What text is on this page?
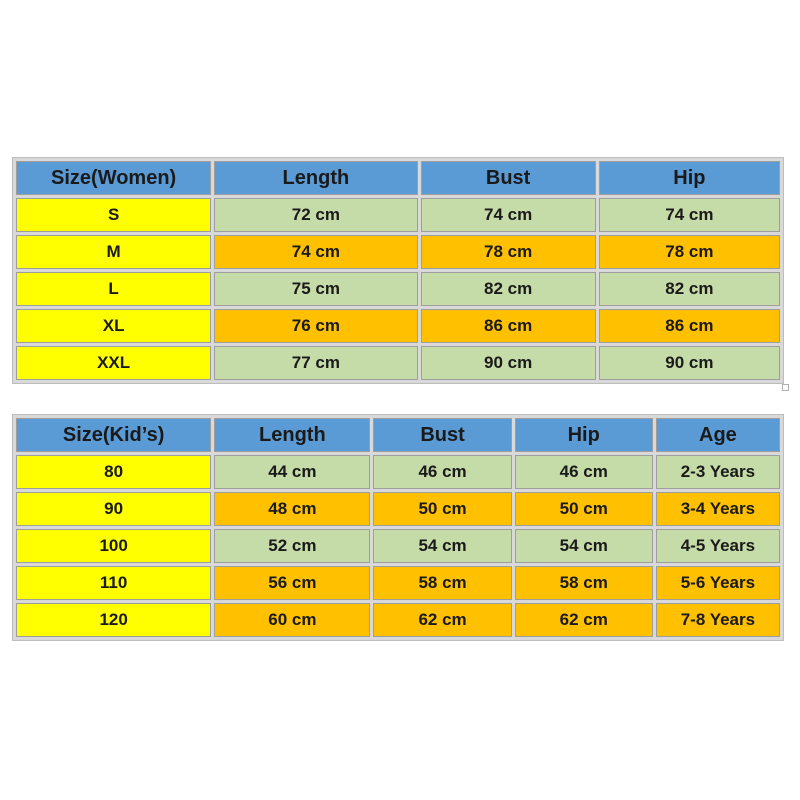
Size(Women)	Length	Bust	Hip
S	72 cm	74 cm	74 cm
M	74 cm	78 cm	78 cm
L	75 cm	82 cm	82 cm
XL	76 cm	86 cm	86 cm
XXL	77 cm	90 cm	90 cm
Size(Kid’s)	Length	Bust	Hip	Age
80	44 cm	46 cm	46 cm	2-3 Years
90	48 cm	50 cm	50 cm	3-4 Years
100	52 cm	54 cm	54 cm	4-5 Years
110	56 cm	58 cm	58 cm	5-6 Years
120	60 cm	62 cm	62 cm	7-8 Years
